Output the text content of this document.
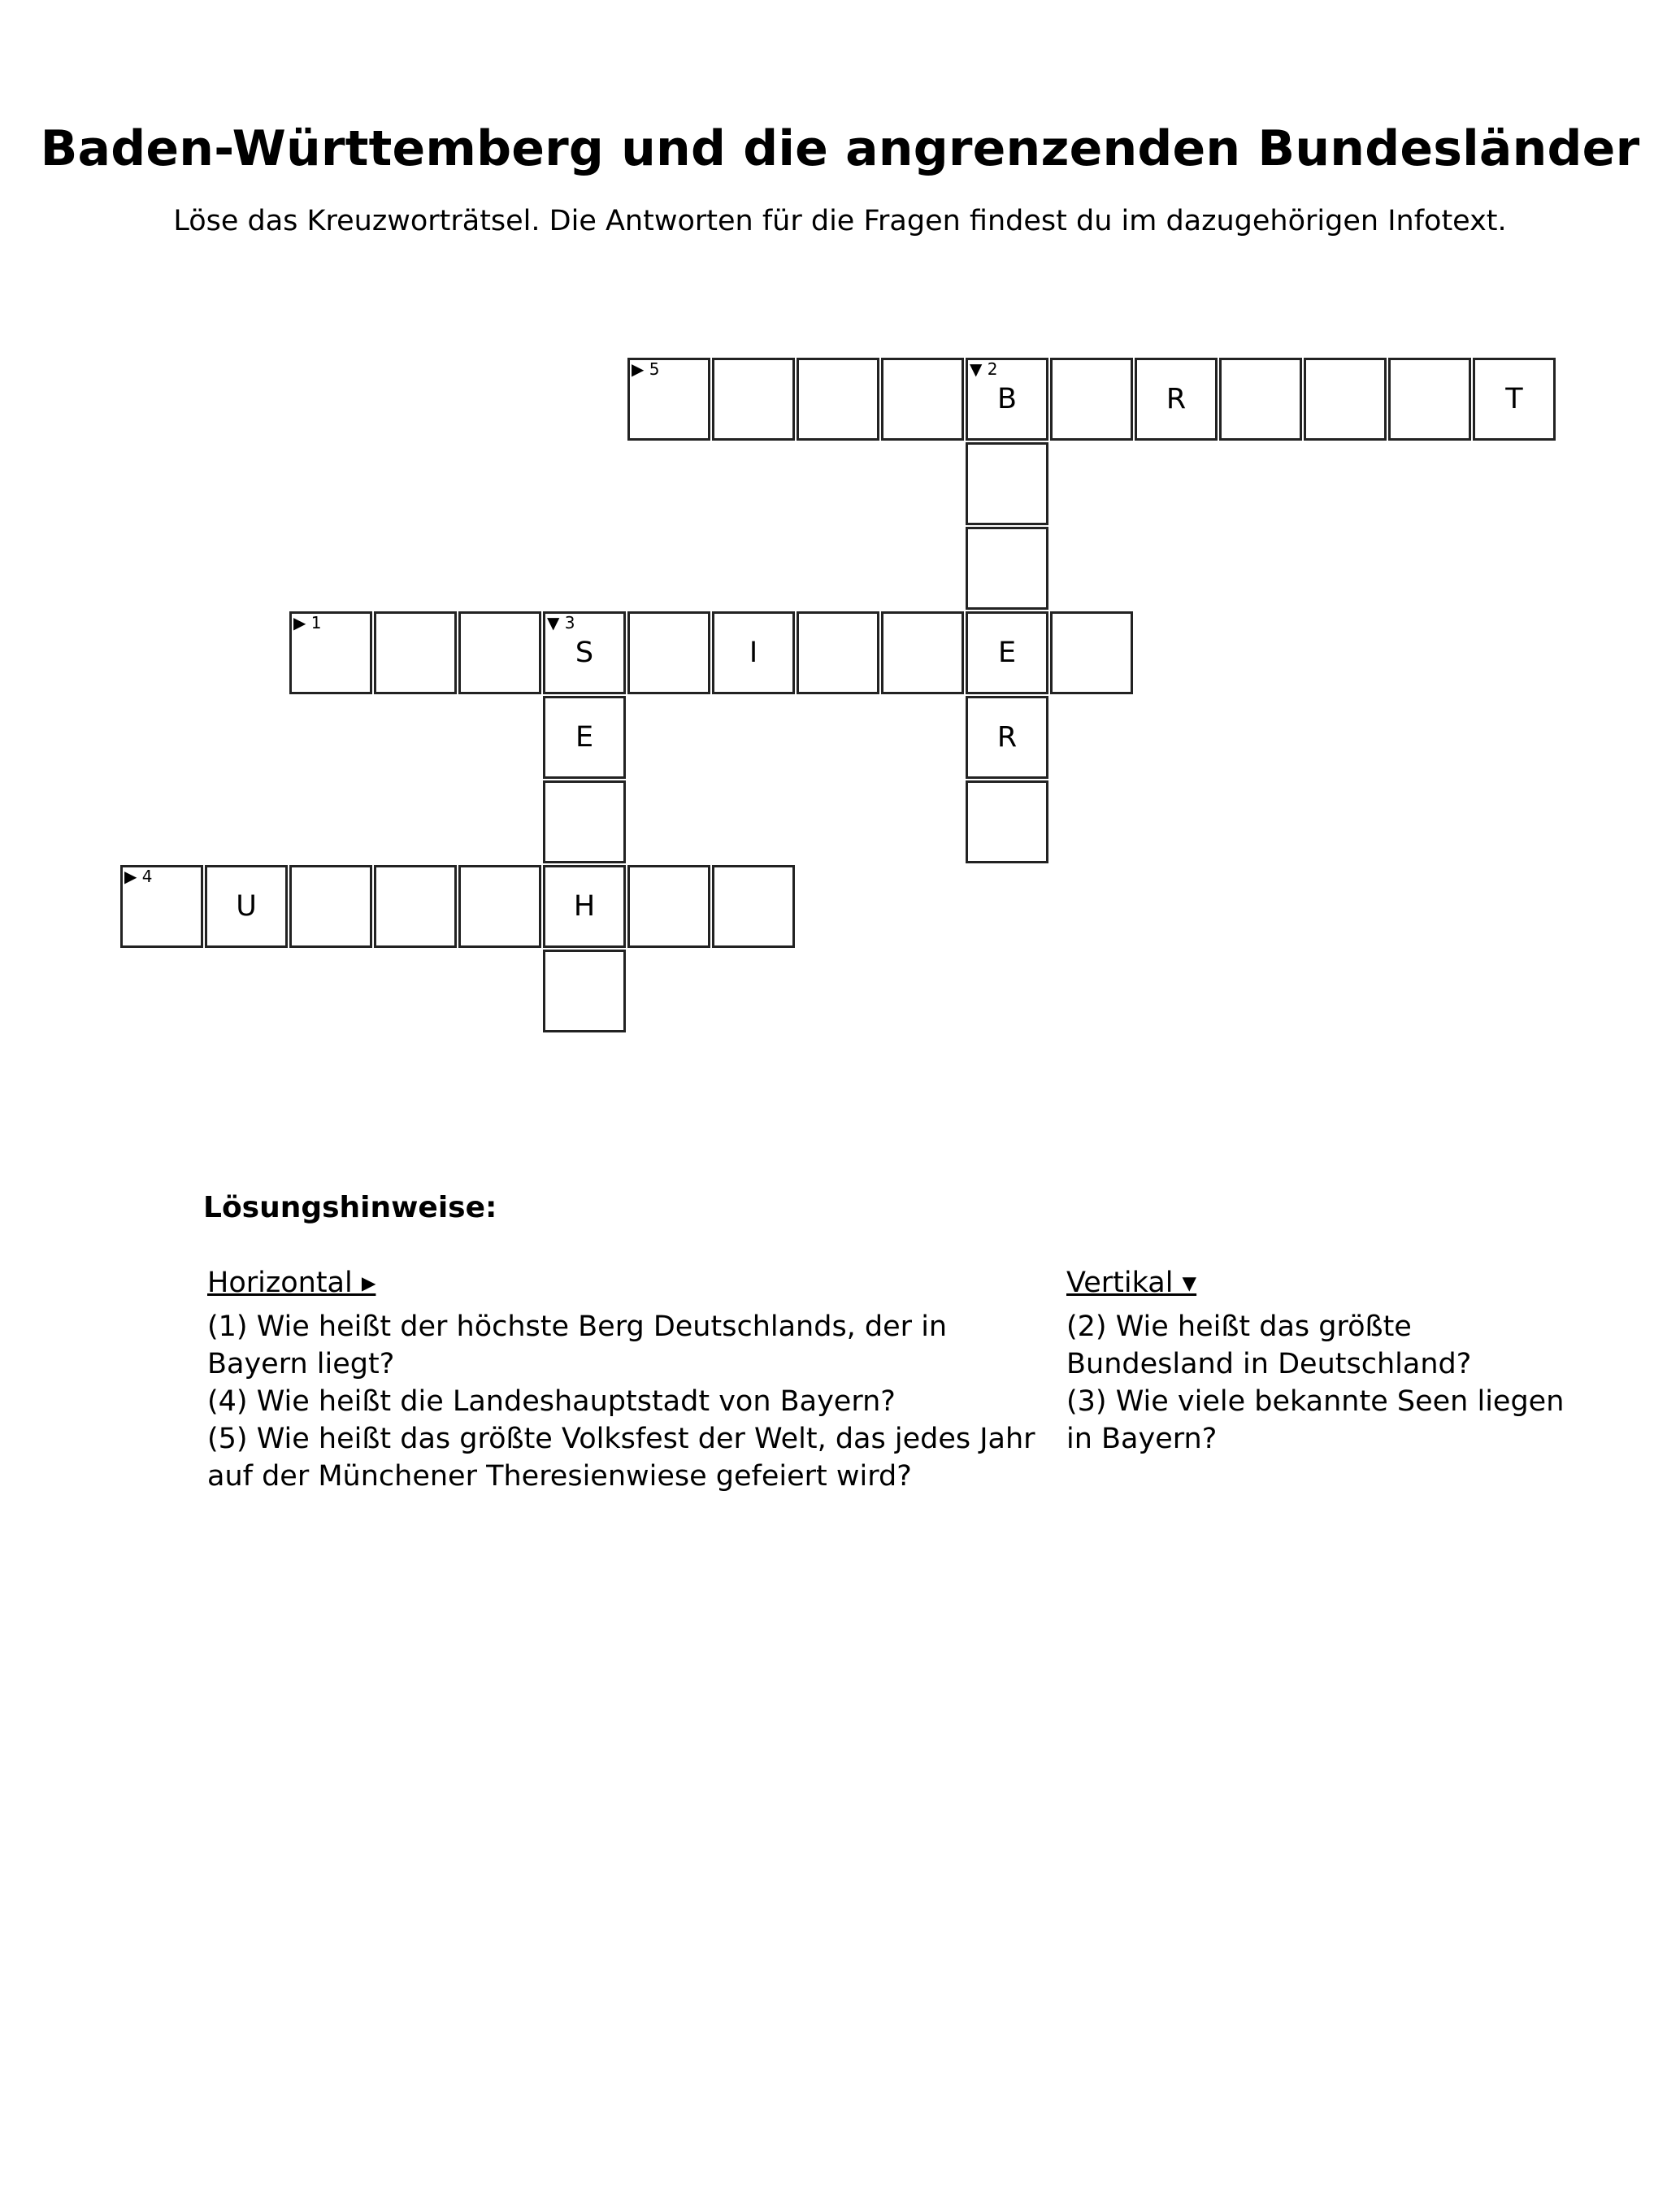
Baden-Württemberg und die angrenzenden Bundesländer

Löse das Kreuzworträtsel. Die Antworten für die Fragen findest du im dazugehörigen Infotext.

▶ 5	▼ 2
B	R	T
▶ 1	▼ 3
S	I	E
E	R
▶ 4
U	H
Lösungshinweise:
Horizontal ▸

(1) Wie heißt der höchste Berg Deutschlands, der in Bayern liegt?

(4) Wie heißt die Landeshauptstadt von Bayern?

(5) Wie heißt das größte Volksfest der Welt, das jedes Jahr auf der Münchener Theresienwiese gefeiert wird?

Vertikal ▾

(2) Wie heißt das größte Bundesland in Deutschland?

(3) Wie viele bekannte Seen liegen in Bayern?
